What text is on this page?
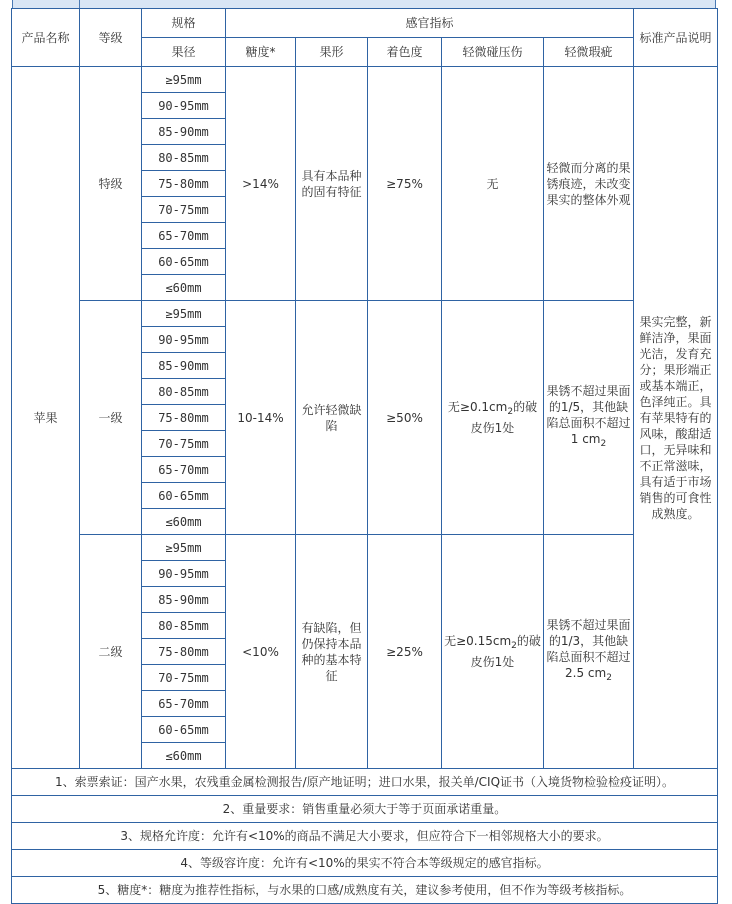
产品名称	等级	规格	感官指标					标准产品说明
		果径	糖度*	果形	着色度	轻微碰压伤	轻微瑕疵	
苹果	特级	≥95mm	>14%	具有本品种的固有特征	≥75%	无	轻微而分离的果锈痕迹，未改变果实的整体外观	果实完整，新鲜洁净，果面光洁，发育充分；果形端正或基本端正，色泽纯正。具有苹果特有的风味，酸甜适口，无异味和不正常滋味，具有适于市场销售的可食性成熟度。
		90-95mm						
		85-90mm						
		80-85mm						
		75-80mm						
		70-75mm						
		65-70mm						
		60-65mm						
		≤60mm						
	一级	≥95mm	10-14%	允许轻微缺陷	≥50%	无$\ge 0.1cm_2$的破皮伤1处	果锈不超过果面的1/5，其他缺陷总面积不超过1 $cm_2$
		90-95mm						
		85-90mm						
		80-85mm						
		75-80mm						
		70-75mm						
		65-70mm						
		60-65mm						
		≤60mm						
	二级	≥95mm	<10%	有缺陷，但仍保持本品种的基本特征	≥25%	无$\ge 0.15cm_2$的破皮伤1处	果锈不超过果面的1/3，其他缺陷总面积不超过2.5 $cm_2$
		90-95mm						
		85-90mm						
		80-85mm						
		75-80mm						
		70-75mm						
		65-70mm						
		60-65mm						
		≤60mm						
1、索票索证：国产水果，农残重金属检测报告/原产地证明；进口水果，报关单/CIQ证书（入境货物检验检疫证明）。								
2、重量要求：销售重量必须大于等于页面承诺重量。								
3、规格允许度：允许有<10%的商品不满足大小要求，但应符合下一相邻规格大小的要求。								
4、等级容许度：允许有<10%的果实不符合本等级规定的感官指标。								
5、糖度*：糖度为推荐性指标，与水果的口感/成熟度有关，建议参考使用，但不作为等级考核指标。								
